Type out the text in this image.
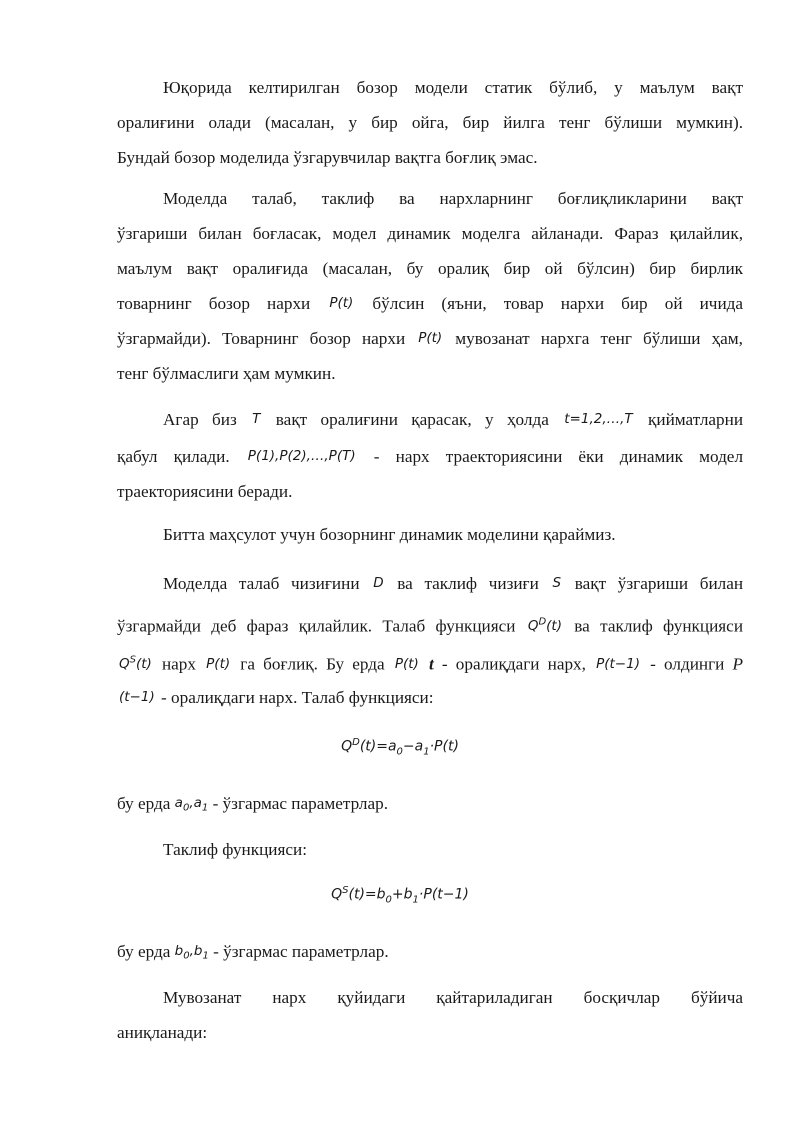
Юқорида келтирилган бозор модели статик бўлиб, у маълум вақт

оралиғини олади (масалан, у бир ойга, бир йилга тенг бўлиши мумкин).

Бундай бозор моделида ўзгарувчилар вақтга боғлиқ эмас.

Моделда талаб, таклиф ва нархларнинг боғлиқликларини вақт

ўзгариши билан боғласак, модел динамик моделга айланади. Фараз қилайлик,

маълум вақт оралиғида (масалан, бу оралиқ бир ой бўлсин) бир бирлик

товарнинг бозор нархи P(t) бўлсин (яъни, товар нархи бир ой ичида

ўзгармайди). Товарнинг бозор нархи P(t) мувозанат нархга тенг бўлиши ҳам,

тенг бўлмаслиги ҳам мумкин.

Агар биз T вақт оралиғини қарасак, у ҳолда t=1,2,…,T қийматларни

қабул қилади. P(1),P(2),…,P(T) - нарх траекториясини ёки динамик модел

траекториясини беради.

Битта маҳсулот учун бозорнинг динамик моделини қараймиз.

Моделда талаб чизиғини D ва таклиф чизиғи S вақт ўзгариши билан

ўзгармайди деб фараз қилайлик. Талаб функцияси $Q^D(t)$ ва таклиф функцияси

$Q^S(t)$ нарх P(t) га боғлиқ. Бу ерда P(t) t - оралиқдаги нарх, P(t−1) - олдинги P

(t−1) - оралиқдаги нарх. Талаб функцияси:

$Q^D(t)=a_0-a_1\cdot P(t)$

бу ерда $a_0,a_1$ - ўзгармас параметрлар.

Таклиф функцияси:

$Q^S(t)=b_0+b_1\cdot P(t-1)$

бу ерда $b_0,b_1$ - ўзгармас параметрлар.

Мувозанат нарх қуйидаги қайтариладиган босқичлар бўйича

аниқланади:
